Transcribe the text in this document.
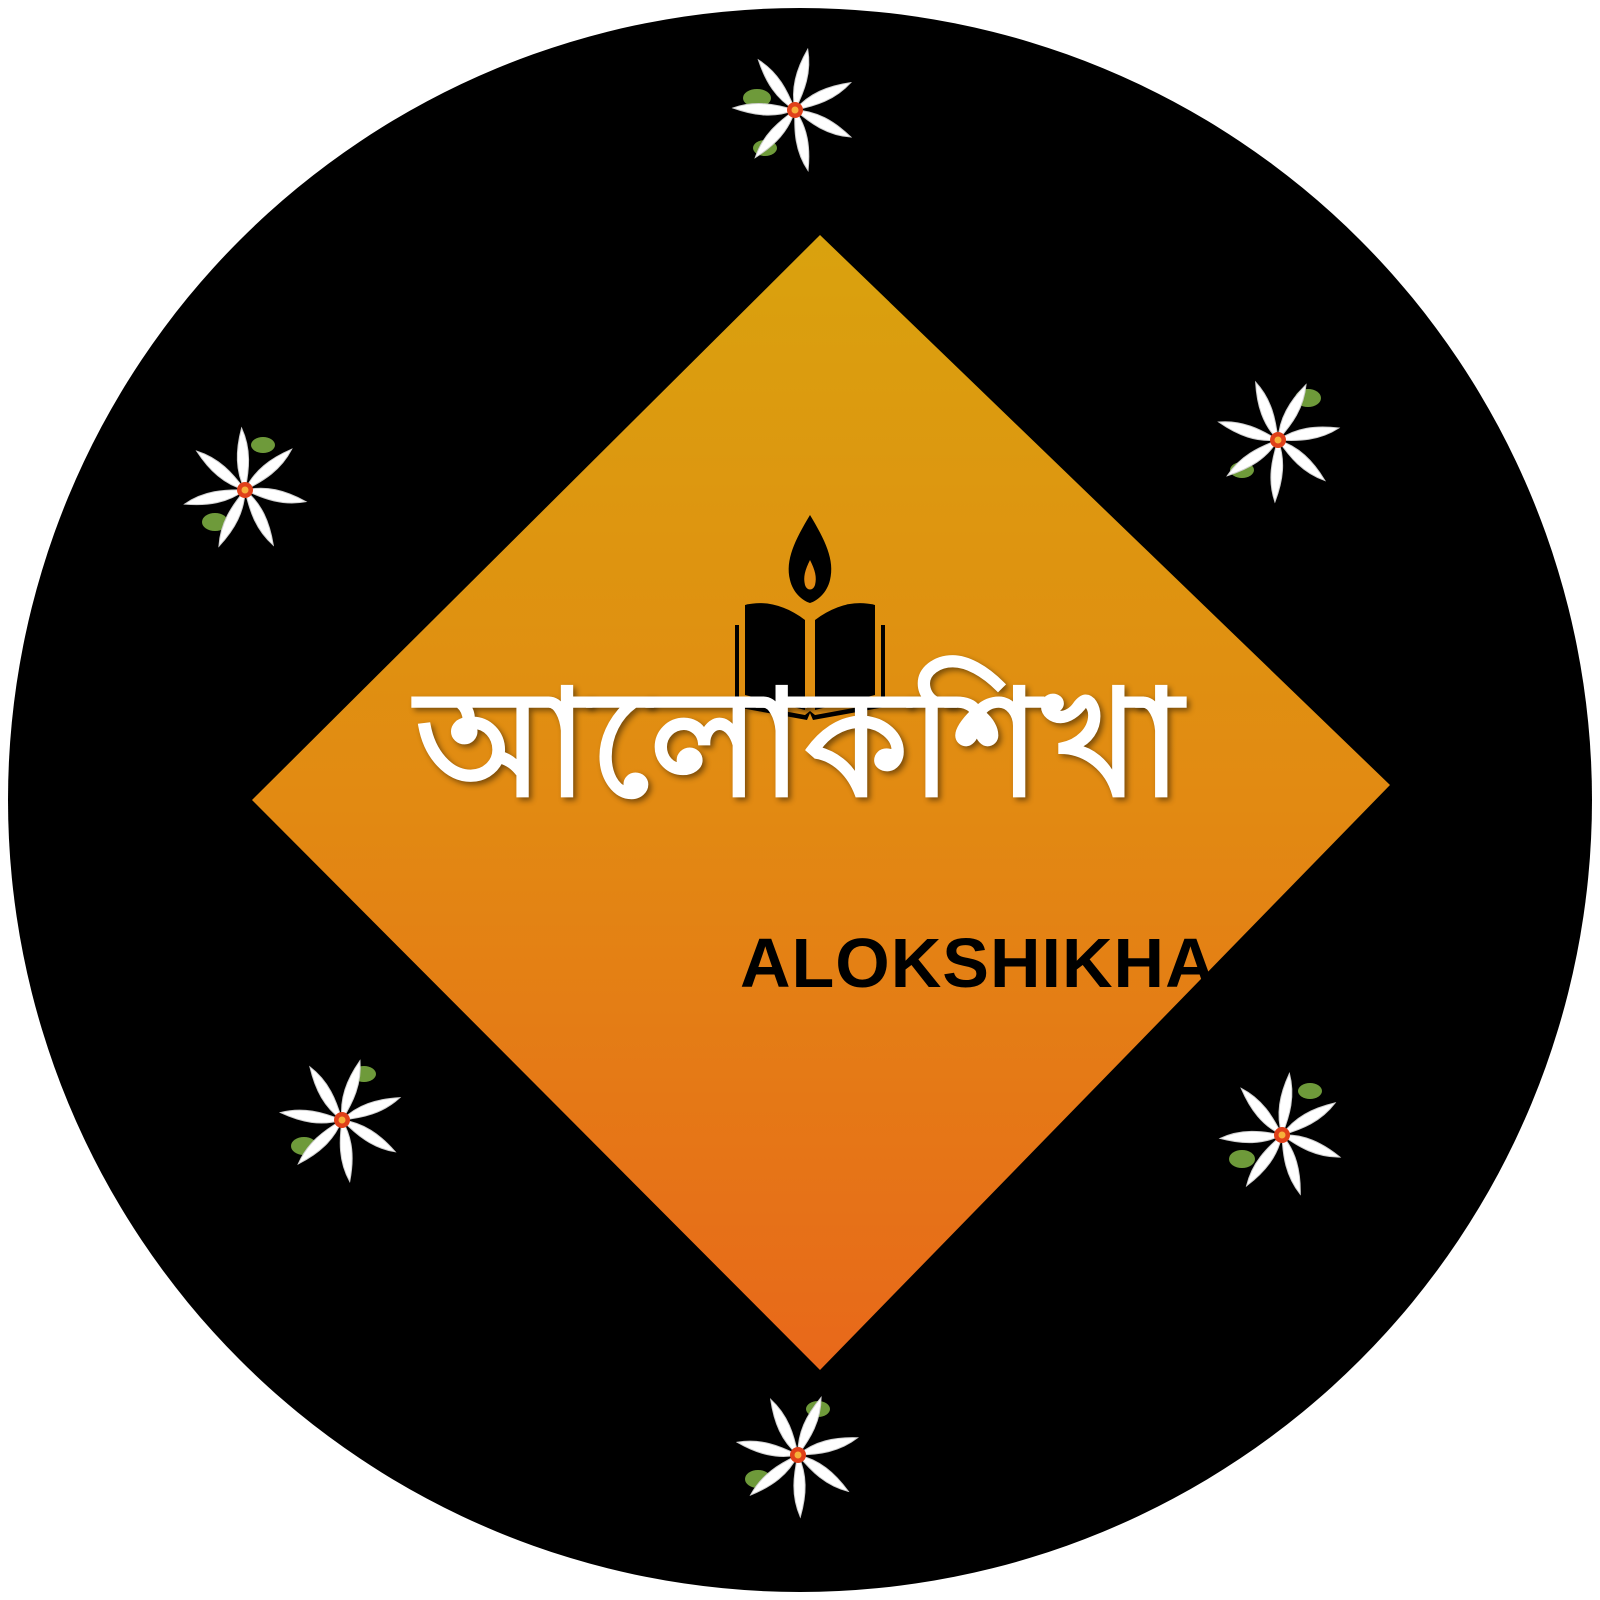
আলোকশিখা
ALOKSHIKHA
